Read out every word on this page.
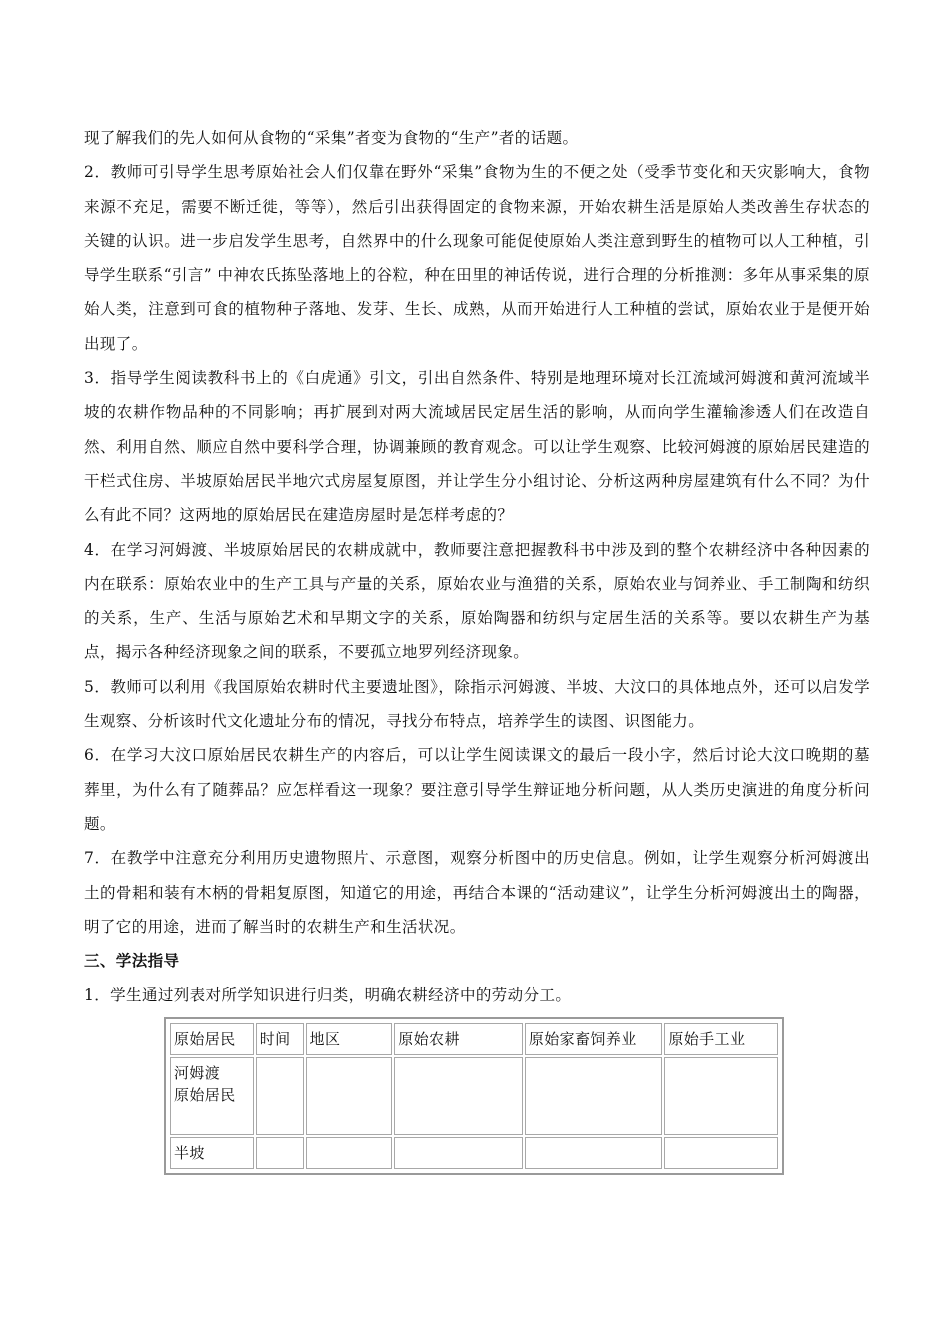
现了解我们的先人如何从食物的“采集”者变为食物的“生产”者的话题。

2．教师可引导学生思考原始社会人们仅靠在野外“采集”食物为生的不便之处（受季节变化和天灾影响大，食物来源不充足，需要不断迁徙，等等），然后引出获得固定的食物来源，开始农耕生活是原始人类改善生存状态的关键的认识。进一步启发学生思考，自然界中的什么现象可能促使原始人类注意到野生的植物可以人工种植，引导学生联系“引言” 中神农氏拣坠落地上的谷粒，种在田里的神话传说，进行合理的分析推测：多年从事采集的原始人类，注意到可食的植物种子落地、发芽、生长、成熟，从而开始进行人工种植的尝试，原始农业于是便开始出现了。

3．指导学生阅读教科书上的《白虎通》引文，引出自然条件、特别是地理环境对长江流域河姆渡和黄河流域半坡的农耕作物品种的不同影响；再扩展到对两大流域居民定居生活的影响，从而向学生灌输渗透人们在改造自然、利用自然、顺应自然中要科学合理，协调兼顾的教育观念。可以让学生观察、比较河姆渡的原始居民建造的干栏式住房、半坡原始居民半地穴式房屋复原图，并让学生分小组讨论、分析这两种房屋建筑有什么不同？为什么有此不同？这两地的原始居民在建造房屋时是怎样考虑的？

4．在学习河姆渡、半坡原始居民的农耕成就中，教师要注意把握教科书中涉及到的整个农耕经济中各种因素的内在联系：原始农业中的生产工具与产量的关系，原始农业与渔猎的关系，原始农业与饲养业、手工制陶和纺织的关系，生产、生活与原始艺术和早期文字的关系，原始陶器和纺织与定居生活的关系等。要以农耕生产为基点，揭示各种经济现象之间的联系，不要孤立地罗列经济现象。

5．教师可以利用《我国原始农耕时代主要遗址图》，除指示河姆渡、半坡、大汶口的具体地点外，还可以启发学生观察、分析该时代文化遗址分布的情况，寻找分布特点，培养学生的读图、识图能力。

6．在学习大汶口原始居民农耕生产的内容后，可以让学生阅读课文的最后一段小字，然后讨论大汶口晚期的墓葬里，为什么有了随葬品？应怎样看这一现象？要注意引导学生辩证地分析问题，从人类历史演进的角度分析问题。

7．在教学中注意充分利用历史遗物照片、示意图，观察分析图中的历史信息。例如，让学生观察分析河姆渡出土的骨耜和装有木柄的骨耜复原图，知道它的用途，再结合本课的“活动建议”，让学生分析河姆渡出土的陶器，明了它的用途，进而了解当时的农耕生产和生活状况。

三、学法指导

1．学生通过列表对所学知识进行归类，明确农耕经济中的劳动分工。

原始居民	时间	地区	原始农耕	原始家畜饲养业	原始手工业

河姆渡
原始居民					

半坡					
